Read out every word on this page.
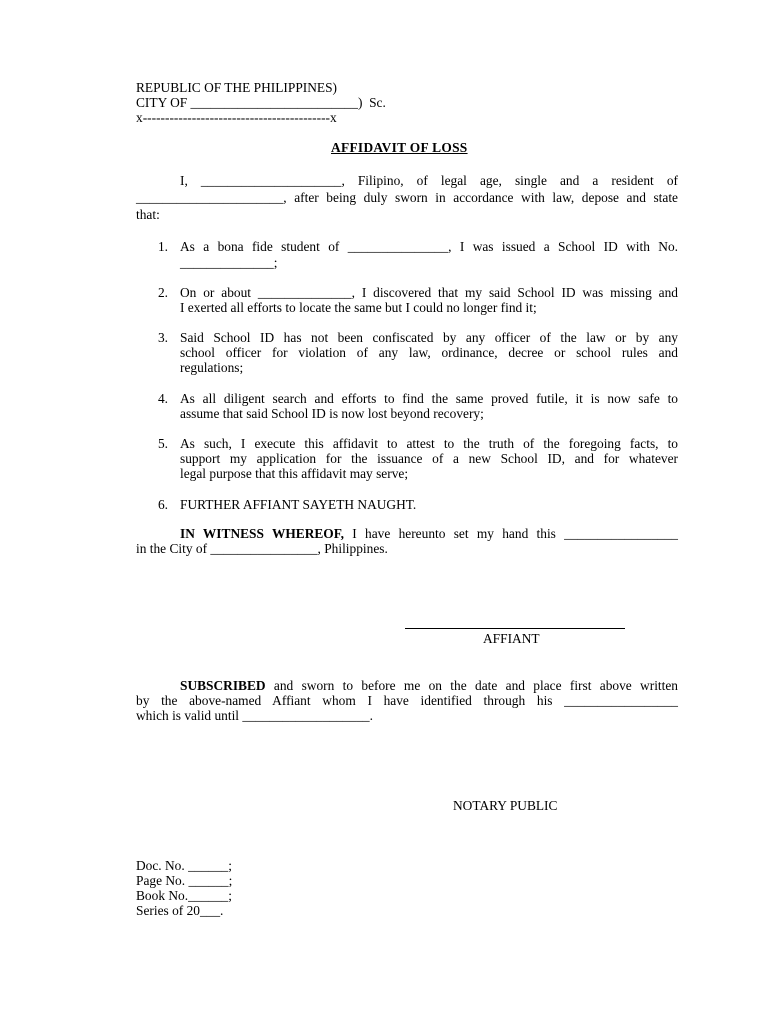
REPUBLIC OF THE PHILIPPINES)
CITY OF _________________________)  Sc.
x------------------------------------------x
AFFIDAVIT OF LOSS
I, _____________________, Filipino, of legal age, single and a resident of
______________________, after being duly sworn in accordance with law, depose and state
that:
1. As a bona fide student of _______________, I was issued a School ID with No.
______________;
2. On or about ______________, I discovered that my said School ID was missing and
I exerted all efforts to locate the same but I could no longer find it;
3. Said School ID has not been confiscated by any officer of the law or by any
school officer for violation of any law, ordinance, decree or school rules and
regulations;
4. As all diligent search and efforts to find the same proved futile, it is now safe to
assume that said School ID is now lost beyond recovery;
5. As such, I execute this affidavit to attest to the truth of the foregoing facts, to
support my application for the issuance of a new School ID, and for whatever
legal purpose that this affidavit may serve;
6. FURTHER AFFIANT SAYETH NAUGHT.
IN WITNESS WHEREOF, I have hereunto set my hand this _________________
in the City of ________________, Philippines.
AFFIANT
SUBSCRIBED and sworn to before me on the date and place first above written
by the above-named Affiant whom I have identified through his _________________
which is valid until ___________________.
NOTARY PUBLIC
Doc. No. ______;
Page No. ______;
Book No.______;
Series of 20___.
